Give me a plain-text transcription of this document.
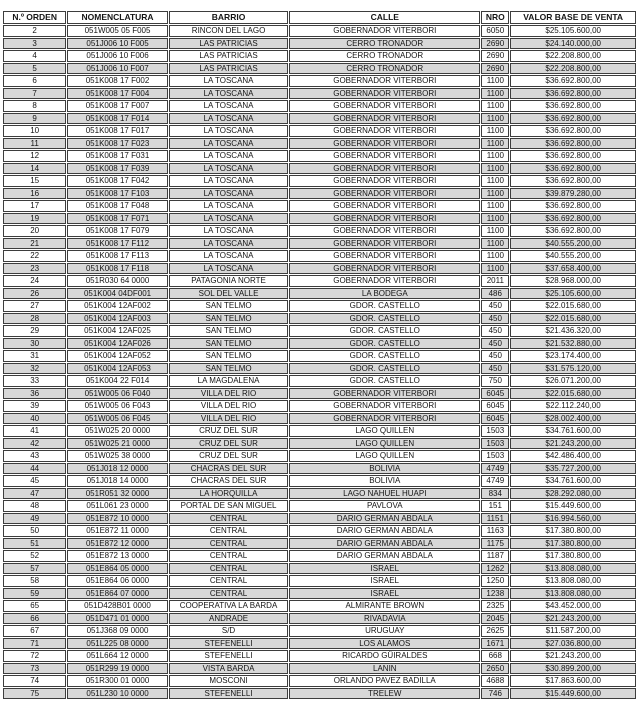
N.º ORDEN	NOMENCLATURA	BARRIO	CALLE	NRO	VALOR BASE DE VENTA
2	051W005 05 F005	RINCON DEL LAGO	GOBERNADOR VITERBORI	6050	$25.105.600,00
3	051J006 10 F005	LAS PATRICIAS	CERRO TRONADOR	2690	$24.140.000,00
4	051J006 10 F006	LAS PATRICIAS	CERRO TRONADOR	2690	$22.208.800,00
5	051J006 10 F007	LAS PATRICIAS	CERRO TRONADOR	2690	$22.208.800,00
6	051K008 17 F002	LA TOSCANA	GOBERNADOR VITERBORI	1100	$36.692.800,00
7	051K008 17 F004	LA TOSCANA	GOBERNADOR VITERBORI	1100	$36.692.800,00
8	051K008 17 F007	LA TOSCANA	GOBERNADOR VITERBORI	1100	$36.692.800,00
9	051K008 17 F014	LA TOSCANA	GOBERNADOR VITERBORI	1100	$36.692.800,00
10	051K008 17 F017	LA TOSCANA	GOBERNADOR VITERBORI	1100	$36.692.800,00
11	051K008 17 F023	LA TOSCANA	GOBERNADOR VITERBORI	1100	$36.692.800,00
12	051K008 17 F031	LA TOSCANA	GOBERNADOR VITERBORI	1100	$36.692.800,00
14	051K008 17 F039	LA TOSCANA	GOBERNADOR VITERBORI	1100	$36.692.800,00
15	051K008 17 F042	LA TOSCANA	GOBERNADOR VITERBORI	1100	$36.692.800,00
16	051K008 17 F103	LA TOSCANA	GOBERNADOR VITERBORI	1100	$39.879.280,00
17	051K008 17 F048	LA TOSCANA	GOBERNADOR VITERBORI	1100	$36.692.800,00
19	051K008 17 F071	LA TOSCANA	GOBERNADOR VITERBORI	1100	$36.692.800,00
20	051K008 17 F079	LA TOSCANA	GOBERNADOR VITERBORI	1100	$36.692.800,00
21	051K008 17 F112	LA TOSCANA	GOBERNADOR VITERBORI	1100	$40.555.200,00
22	051K008 17 F113	LA TOSCANA	GOBERNADOR VITERBORI	1100	$40.555.200,00
23	051K008 17 F118	LA TOSCANA	GOBERNADOR VITERBORI	1100	$37.658.400,00
24	051R030 64 0000	PATAGONIA NORTE	GOBERNADOR VITERBORI	2011	$28.968.000,00
26	051K004 04DF001	SOL DEL VALLE	LA BODEGA	486	$25.105.600,00
27	051K004 12AF002	SAN TELMO	GDOR. CASTELLO	450	$22.015.680,00
28	051K004 12AF003	SAN TELMO	GDOR. CASTELLO	450	$22.015.680,00
29	051K004 12AF025	SAN TELMO	GDOR. CASTELLO	450	$21.436.320,00
30	051K004 12AF026	SAN TELMO	GDOR. CASTELLO	450	$21.532.880,00
31	051K004 12AF052	SAN TELMO	GDOR. CASTELLO	450	$23.174.400,00
32	051K004 12AF053	SAN TELMO	GDOR. CASTELLO	450	$31.575.120,00
33	051K004 22 F014	LA MAGDALENA	GDOR. CASTELLO	750	$26.071.200,00
36	051W005 06 F040	VILLA DEL RIO	GOBERNADOR VITERBORI	6045	$22.015.680,00
39	051W005 06 F043	VILLA DEL RIO	GOBERNADOR VITERBORI	6045	$22.112.240,00
40	051W005 06 F045	VILLA DEL RIO	GOBERNADOR VITERBORI	6045	$28.002.400,00
41	051W025 20 0000	CRUZ DEL SUR	LAGO QUILLEN	1503	$34.761.600,00
42	051W025 21 0000	CRUZ DEL SUR	LAGO QUILLEN	1503	$21.243.200,00
43	051W025 38 0000	CRUZ DEL SUR	LAGO QUILLEN	1503	$42.486.400,00
44	051J018 12 0000	CHACRAS DEL SUR	BOLIVIA	4749	$35.727.200,00
45	051J018 14 0000	CHACRAS DEL SUR	BOLIVIA	4749	$34.761.600,00
47	051R051 32 0000	LA HORQUILLA	LAGO NAHUEL HUAPI	834	$28.292.080,00
48	051L061 23 0000	PORTAL DE SAN MIGUEL	PAVLOVA	151	$15.449.600,00
49	051E872 10 0000	CENTRAL	DARIO GERMAN ABDALA	1151	$16.994.560,00
50	051E872 11 0000	CENTRAL	DARIO GERMAN ABDALA	1163	$17.380.800,00
51	051E872 12 0000	CENTRAL	DARIO GERMAN ABDALA	1175	$17.380.800,00
52	051E872 13 0000	CENTRAL	DARIO GERMAN ABDALA	1187	$17.380.800,00
57	051E864 05 0000	CENTRAL	ISRAEL	1262	$13.808.080,00
58	051E864 06 0000	CENTRAL	ISRAEL	1250	$13.808.080,00
59	051E864 07 0000	CENTRAL	ISRAEL	1238	$13.808.080,00
65	051D428B01 0000	COOPERATIVA LA BARDA	ALMIRANTE BROWN	2325	$43.452.000,00
66	051D471 01 0000	ANDRADE	RIVADAVIA	2045	$21.243.200,00
67	051J368 09 0000	S/D	URUGUAY	2625	$11.587.200,00
71	051L225 08 0000	STEFENELLI	LOS ALAMOS	1671	$27.036.800,00
72	051L664 12 0000	STEFENELLI	RICARDO GÜIRALDES	668	$21.243.200,00
73	051R299 19 0000	VISTA BARDA	LANIN	2650	$30.899.200,00
74	051R300 01 0000	MOSCONI	ORLANDO PAVEZ BADILLA	4688	$17.863.600,00
75	051L230 10 0000	STEFENELLI	TRELEW	746	$15.449.600,00
